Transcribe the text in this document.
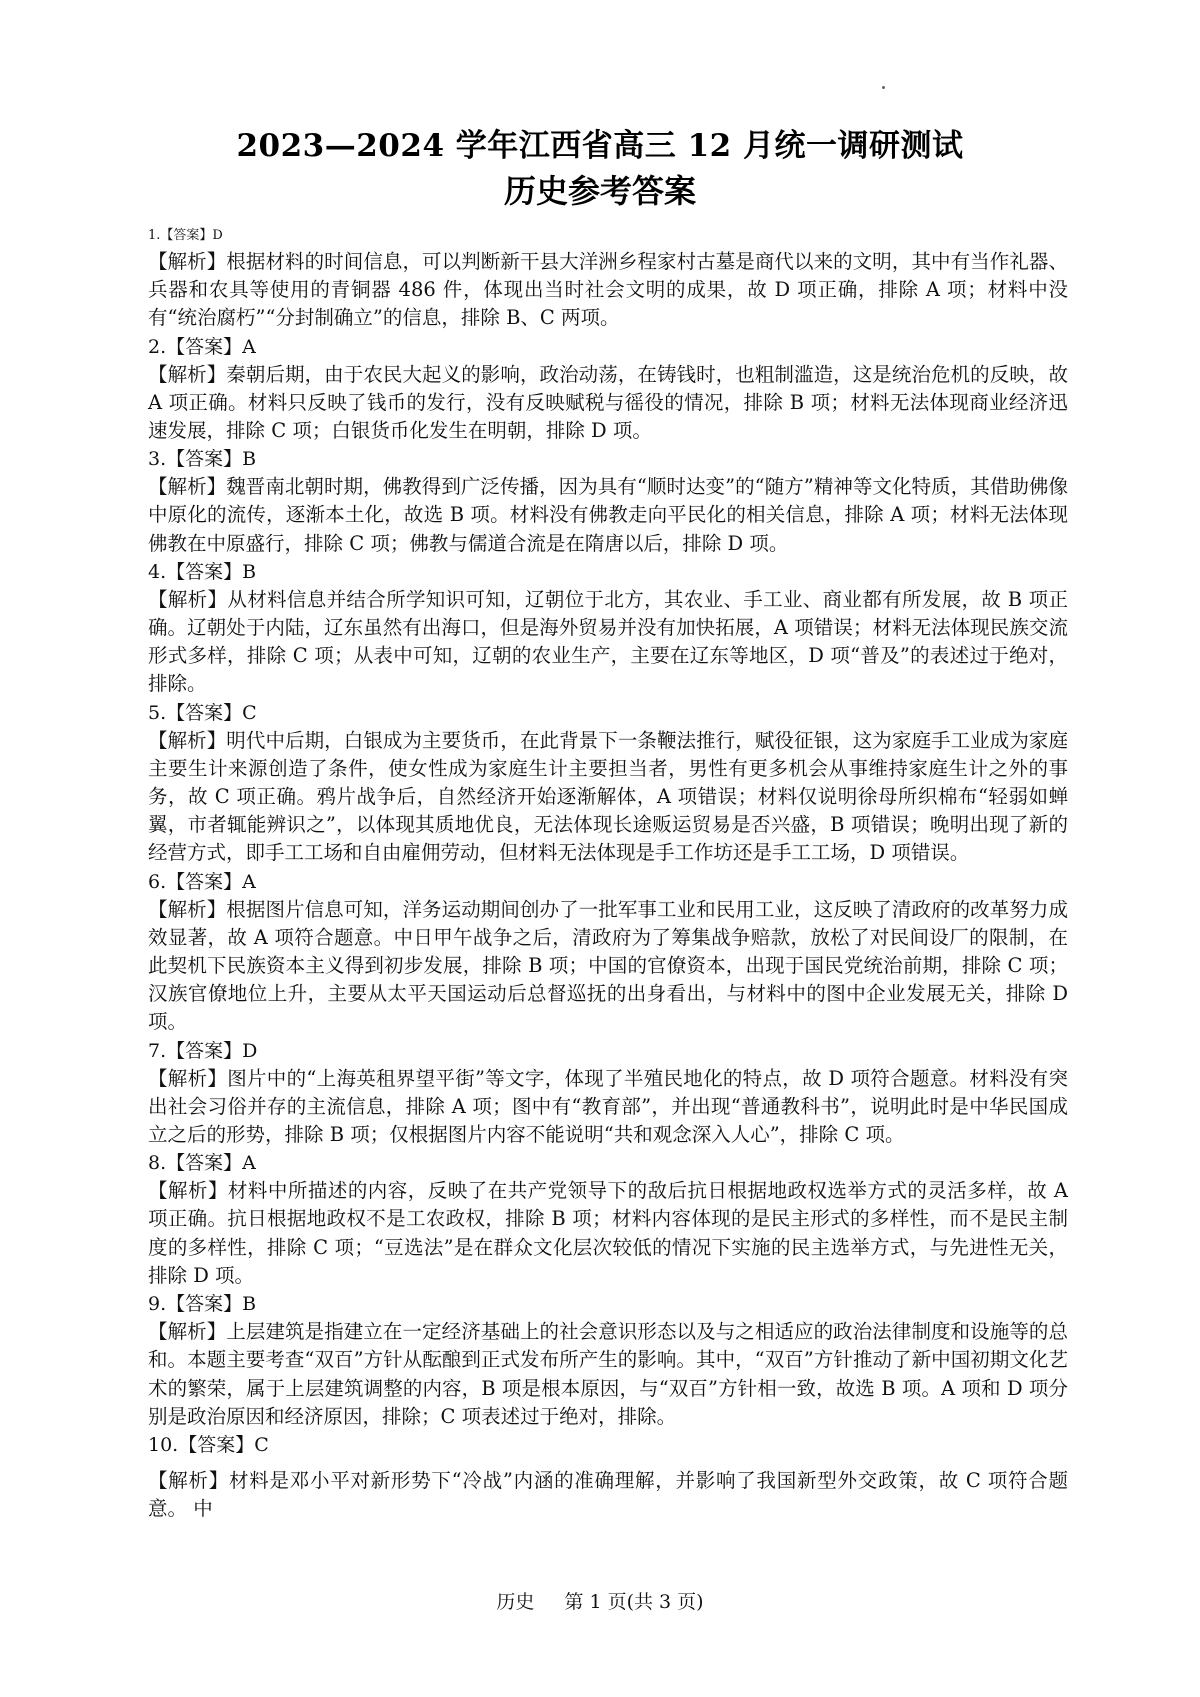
2023—2024 学年江西省高三 12 月统一调研测试
历史参考答案
1.【答案】D

【解析】根据材料的时间信息，可以判断新干县大洋洲乡程家村古墓是商代以来的文明，其中有当作礼器、兵器和农具等使用的青铜器 486 件，体现出当时社会文明的成果，故 D 项正确，排除 A 项；材料中没有“统治腐朽”“分封制确立”的信息，排除 B、C 两项。

2.【答案】A

【解析】秦朝后期，由于农民大起义的影响，政治动荡，在铸钱时，也粗制滥造，这是统治危机的反映，故 A 项正确。材料只反映了钱币的发行，没有反映赋税与徭役的情况，排除 B 项；材料无法体现商业经济迅速发展，排除 C 项；白银货币化发生在明朝，排除 D 项。

3.【答案】B

【解析】魏晋南北朝时期，佛教得到广泛传播，因为具有“顺时达变”的“随方”精神等文化特质，其借助佛像中原化的流传，逐渐本土化，故选 B 项。材料没有佛教走向平民化的相关信息，排除 A 项；材料无法体现佛教在中原盛行，排除 C 项；佛教与儒道合流是在隋唐以后，排除 D 项。

4.【答案】B

【解析】从材料信息并结合所学知识可知，辽朝位于北方，其农业、手工业、商业都有所发展，故 B 项正确。辽朝处于内陆，辽东虽然有出海口，但是海外贸易并没有加快拓展，A 项错误；材料无法体现民族交流形式多样，排除 C 项；从表中可知，辽朝的农业生产，主要在辽东等地区，D 项“普及”的表述过于绝对，排除。

5.【答案】C

【解析】明代中后期，白银成为主要货币，在此背景下一条鞭法推行，赋役征银，这为家庭手工业成为家庭主要生计来源创造了条件，使女性成为家庭生计主要担当者，男性有更多机会从事维持家庭生计之外的事务，故 C 项正确。鸦片战争后，自然经济开始逐渐解体，A 项错误；材料仅说明徐母所织棉布“轻弱如蝉翼，市者辄能辨识之”，以体现其质地优良，无法体现长途贩运贸易是否兴盛，B 项错误；晚明出现了新的经营方式，即手工工场和自由雇佣劳动，但材料无法体现是手工作坊还是手工工场，D 项错误。

6.【答案】A

【解析】根据图片信息可知，洋务运动期间创办了一批军事工业和民用工业，这反映了清政府的改革努力成效显著，故 A 项符合题意。中日甲午战争之后，清政府为了筹集战争赔款，放松了对民间设厂的限制，在此契机下民族资本主义得到初步发展，排除 B 项；中国的官僚资本，出现于国民党统治前期，排除 C 项；汉族官僚地位上升，主要从太平天国运动后总督巡抚的出身看出，与材料中的图中企业发展无关，排除 D 项。

7.【答案】D

【解析】图片中的“上海英租界望平街”等文字，体现了半殖民地化的特点，故 D 项符合题意。材料没有突出社会习俗并存的主流信息，排除 A 项；图中有“教育部”，并出现“普通教科书”，说明此时是中华民国成立之后的形势，排除 B 项；仅根据图片内容不能说明“共和观念深入人心”，排除 C 项。

8.【答案】A

【解析】材料中所描述的内容，反映了在共产党领导下的敌后抗日根据地政权选举方式的灵活多样，故 A 项正确。抗日根据地政权不是工农政权，排除 B 项；材料内容体现的是民主形式的多样性，而不是民主制度的多样性，排除 C 项；“豆选法”是在群众文化层次较低的情况下实施的民主选举方式，与先进性无关，排除 D 项。

9.【答案】B

【解析】上层建筑是指建立在一定经济基础上的社会意识形态以及与之相适应的政治法律制度和设施等的总和。本题主要考查“双百”方针从酝酿到正式发布所产生的影响。其中，“双百”方针推动了新中国初期文化艺术的繁荣，属于上层建筑调整的内容，B 项是根本原因，与“双百”方针相一致，故选 B 项。A 项和 D 项分别是政治原因和经济原因，排除；C 项表述过于绝对，排除。

10.【答案】C

【解析】材料是邓小平对新形势下“冷战”内涵的准确理解，并影响了我国新型外交政策，故 C 项符合题意。 中

历史 第 1 页(共 3 页)
